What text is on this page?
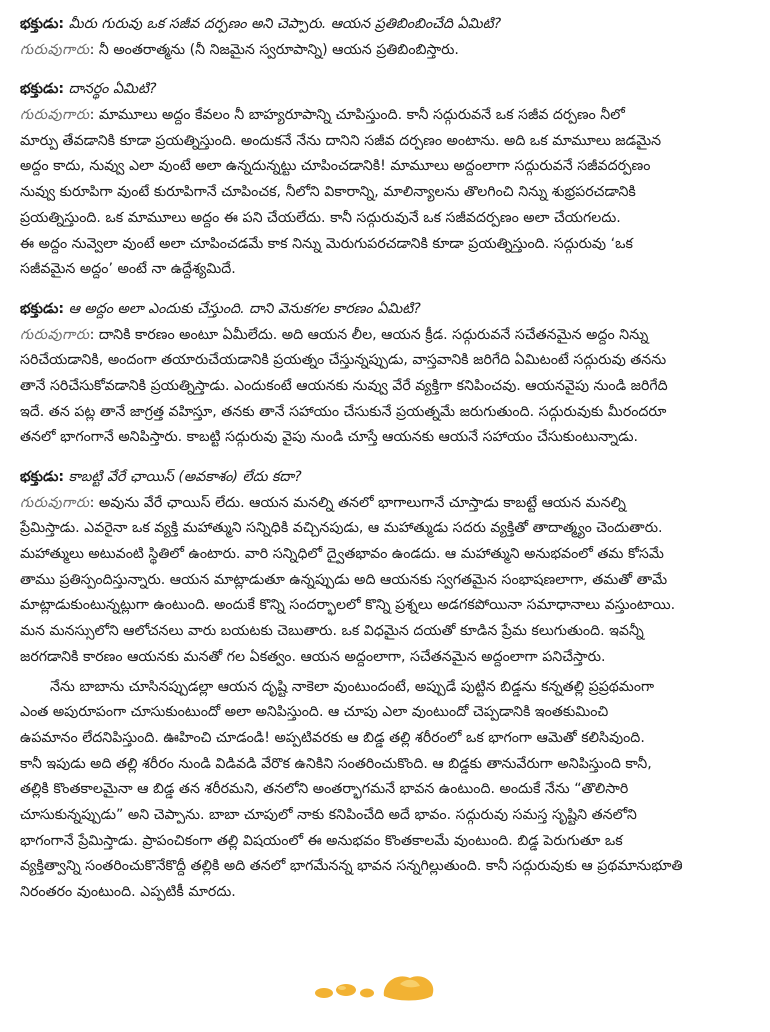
భక్తుడు: మీరు గురువు ఒక సజీవ దర్పణం అని చెప్పారు. ఆయన ప్రతిబింబించేది ఏమిటి?
గురువుగారు: నీ అంతరాత్మను (నీ నిజమైన స్వరూపాన్ని) ఆయన ప్రతిబింబిస్తారు.
భక్తుడు: దానర్థం ఏమిటి?
గురువుగారు: మామూలు అద్దం కేవలం నీ బాహ్యరూపాన్ని చూపిస్తుంది. కానీ సద్గురువనే ఒక సజీవ దర్పణం నీలో
మార్పు తేవడానికి కూడా ప్రయత్నిస్తుంది. అందుకనే నేను దానిని సజీవ దర్పణం అంటాను. అది ఒక మామూలు జడమైన
అద్దం కాదు, నువ్వు ఎలా వుంటే అలా ఉన్నదున్నట్టు చూపించడానికి! మామూలు అద్దంలాగా సద్గురువనే సజీవదర్పణం
నువ్వు కురూపిగా వుంటే కురూపిగానే చూపించక, నీలోని వికారాన్ని, మాలిన్యాలను తొలగించి నిన్ను శుభ్రపరచడానికి
ప్రయత్నిస్తుంది. ఒక మామూలు అద్దం ఈ పని చేయలేదు. కానీ సద్గురువునే ఒక సజీవదర్పణం అలా చేయగలదు.
ఈ అద్దం నువ్వెలా వుంటే అలా చూపించడమే కాక నిన్ను మెరుగుపరచడానికి కూడా ప్రయత్నిస్తుంది. సద్గురువు ‘ఒక
సజీవమైన అద్దం’ అంటే నా ఉద్దేశ్యమిదే.
భక్తుడు: ఆ అద్దం అలా ఎందుకు చేస్తుంది. దాని వెనుకగల కారణం ఏమిటి?
గురువుగారు: దానికి కారణం అంటూ ఏమీలేదు. అది ఆయన లీల, ఆయన క్రీడ. సద్గురువనే సచేతనమైన అద్దం నిన్ను
సరిచేయడానికి, అందంగా తయారుచేయడానికి ప్రయత్నం చేస్తున్నప్పుడు, వాస్తవానికి జరిగేది ఏమిటంటే సద్గురువు తనను
తానే సరిచేసుకోవడానికి ప్రయత్నిస్తాడు. ఎందుకంటే ఆయనకు నువ్వు వేరే వ్యక్తిగా కనిపించవు. ఆయనవైపు నుండి జరిగేది
ఇదే. తన పట్ల తానే జాగ్రత్త వహిస్తూ, తనకు తానే సహాయం చేసుకునే ప్రయత్నమే జరుగుతుంది. సద్గురువుకు మీరందరూ
తనలో భాగంగానే అనిపిస్తారు. కాబట్టి సద్గురువు వైపు నుండి చూస్తే ఆయనకు ఆయనే సహాయం చేసుకుంటున్నాడు.
భక్తుడు: కాబట్టి వేరే ఛాయిస్ (అవకాశం) లేదు కదా?
గురువుగారు: అవును వేరే ఛాయిస్ లేదు. ఆయన మనల్ని తనలో భాగాలుగానే చూస్తాడు కాబట్టే ఆయన మనల్ని
ప్రేమిస్తాడు. ఎవరైనా ఒక వ్యక్తి మహాత్ముని సన్నిధికి వచ్చినపుడు, ఆ మహాత్ముడు సదరు వ్యక్తితో తాదాత్మ్యం చెందుతారు.
మహాత్ములు అటువంటి స్థితిలో ఉంటారు. వారి సన్నిధిలో ద్వైతభావం ఉండదు. ఆ మహాత్ముని అనుభవంలో తమ కోసమే
తాము ప్రతిస్పందిస్తున్నారు. ఆయన మాట్లాడుతూ ఉన్నప్పుడు అది ఆయనకు స్వగతమైన సంభాషణలాగా, తమతో తామే
మాట్లాడుకుంటున్నట్లుగా ఉంటుంది. అందుకే కొన్ని సందర్భాలలో కొన్ని ప్రశ్నలు అడగకపోయినా సమాధానాలు వస్తుంటాయి.
మన మనస్సులోని ఆలోచనలు వారు బయటకు చెబుతారు. ఒక విధమైన దయతో కూడిన ప్రేమ కలుగుతుంది. ఇవన్నీ
జరగడానికి కారణం ఆయనకు మనతో గల ఏకత్వం. ఆయన అద్దంలాగా, సచేతనమైన అద్దంలాగా పనిచేస్తారు.
నేను బాబాను చూసినప్పుడల్లా ఆయన దృష్టి నాకెలా వుంటుందంటే, అప్పుడే పుట్టిన బిడ్డను కన్నతల్లి ప్రప్రథమంగా
ఎంత అపురూపంగా చూసుకుంటుందో అలా అనిపిస్తుంది. ఆ చూపు ఎలా వుంటుందో చెప్పడానికి ఇంతకుమించి
ఉపమానం లేదనిపిస్తుంది. ఊహించి చూడండి! అప్పటివరకు ఆ బిడ్డ తల్లి శరీరంలో ఒక భాగంగా ఆమెతో కలిసివుంది.
కానీ ఇపుడు అది తల్లి శరీరం నుండి విడివడి వేరొక ఉనికిని సంతరించుకొంది. ఆ బిడ్డకు తానువేరుగా అనిపిస్తుంది కానీ,
తల్లికి కొంతకాలమైనా ఆ బిడ్డ తన శరీరమని, తనలోని అంతర్భాగమనే భావన ఉంటుంది. అందుకే నేను “తొలిసారి
చూసుకున్నప్పుడు” అని చెప్పాను. బాబా చూపులో నాకు కనిపించేది అదే భావం. సద్గురువు సమస్త సృష్టిని తనలోని
భాగంగానే ప్రేమిస్తాడు. ప్రాపంచికంగా తల్లి విషయంలో ఈ అనుభవం కొంతకాలమే వుంటుంది. బిడ్డ పెరుగుతూ ఒక
వ్యక్తిత్వాన్ని సంతరించుకొనేకొద్దీ తల్లికి అది తనలో భాగమేనన్న భావన సన్నగిల్లుతుంది. కానీ సద్గురువుకు ఆ ప్రథమానుభూతి
నిరంతరం వుంటుంది. ఎప్పటికీ మారదు.
